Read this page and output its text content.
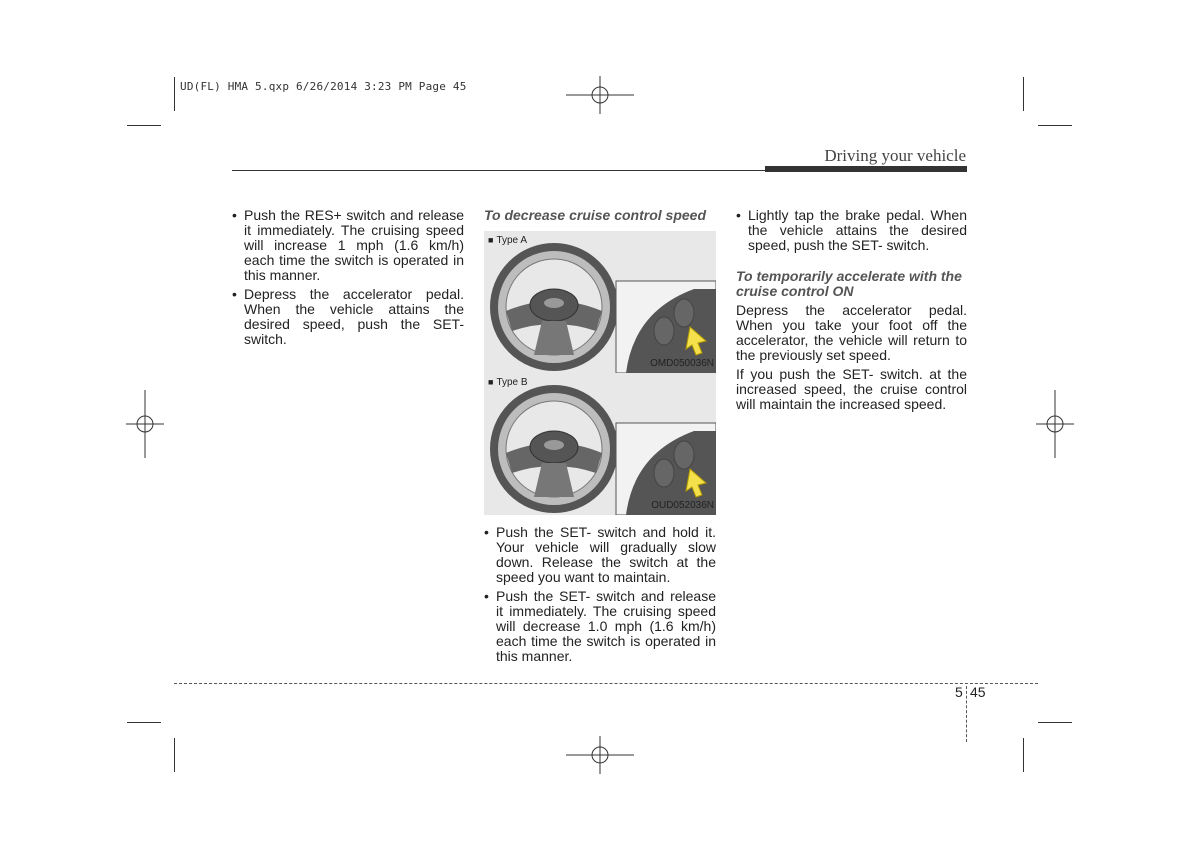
UD(FL) HMA 5.qxp 6/26/2014 3:23 PM Page 45
Driving your vehicle
• Push the RES+ switch and release it immediately. The cruising speed will increase 1 mph (1.6 km/h) each time the switch is operated in this manner.
• Depress the accelerator pedal. When the vehicle attains the desired speed, push the SET- switch.
To decrease cruise control speed
■ Type A
OMD050036N
■ Type B
OUD052036N
• Push the SET- switch and hold it. Your vehicle will gradually slow down. Release the switch at the speed you want to maintain.
• Push the SET- switch and release it immediately. The cruising speed will decrease 1.0 mph (1.6 km/h) each time the switch is operated in this manner.
• Lightly tap the brake pedal. When the vehicle attains the desired speed, push the SET- switch.
To temporarily accelerate with the cruise control ON

Depress the accelerator pedal. When you take your foot off the accelerator, the vehicle will return to the previously set speed.

If you push the SET- switch. at the increased speed, the cruise control will maintain the increased speed.

5 45
